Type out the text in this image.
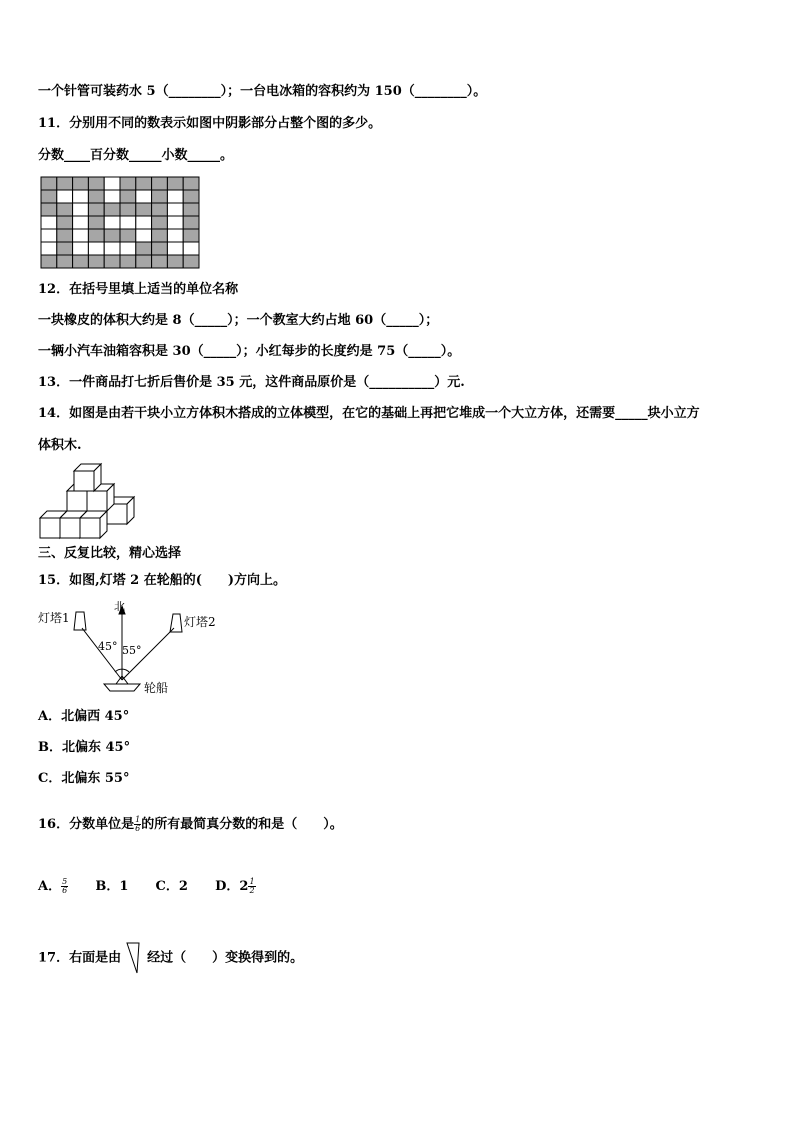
一个针管可装药水 5（________）；一台电冰箱的容积约为 150（________）。
11．分别用不同的数表示如图中阴影部分占整个图的多少。
分数____百分数_____小数_____。
12．在括号里填上适当的单位名称
一块橡皮的体积大约是 8（_____）；一个教室大约占地 60（_____）；
一辆小汽车油箱容积是 30（_____）；小红每步的长度约是 75（_____）。
13．一件商品打七折后售价是 35 元，这件商品原价是（__________）元.
14．如图是由若干块小立方体积木搭成的立体模型，在它的基础上再把它堆成一个大立方体，还需要_____块小立方
体积木.
三、反复比较，精心选择
15．如图,灯塔 2 在轮船的(　　)方向上。
灯塔1
北
灯塔2
45° 55°
轮船
A．北偏西 45°
B．北偏东 45°
C．北偏东 55°
16．分数单位是 $\frac{1}{6}$ 的所有最简真分数的和是（　　）。
A． $\frac{5}{6}$ B．1 C．2 D．$2 \frac{1}{2}$
17．右面是由 经过（　　）变换得到的。
